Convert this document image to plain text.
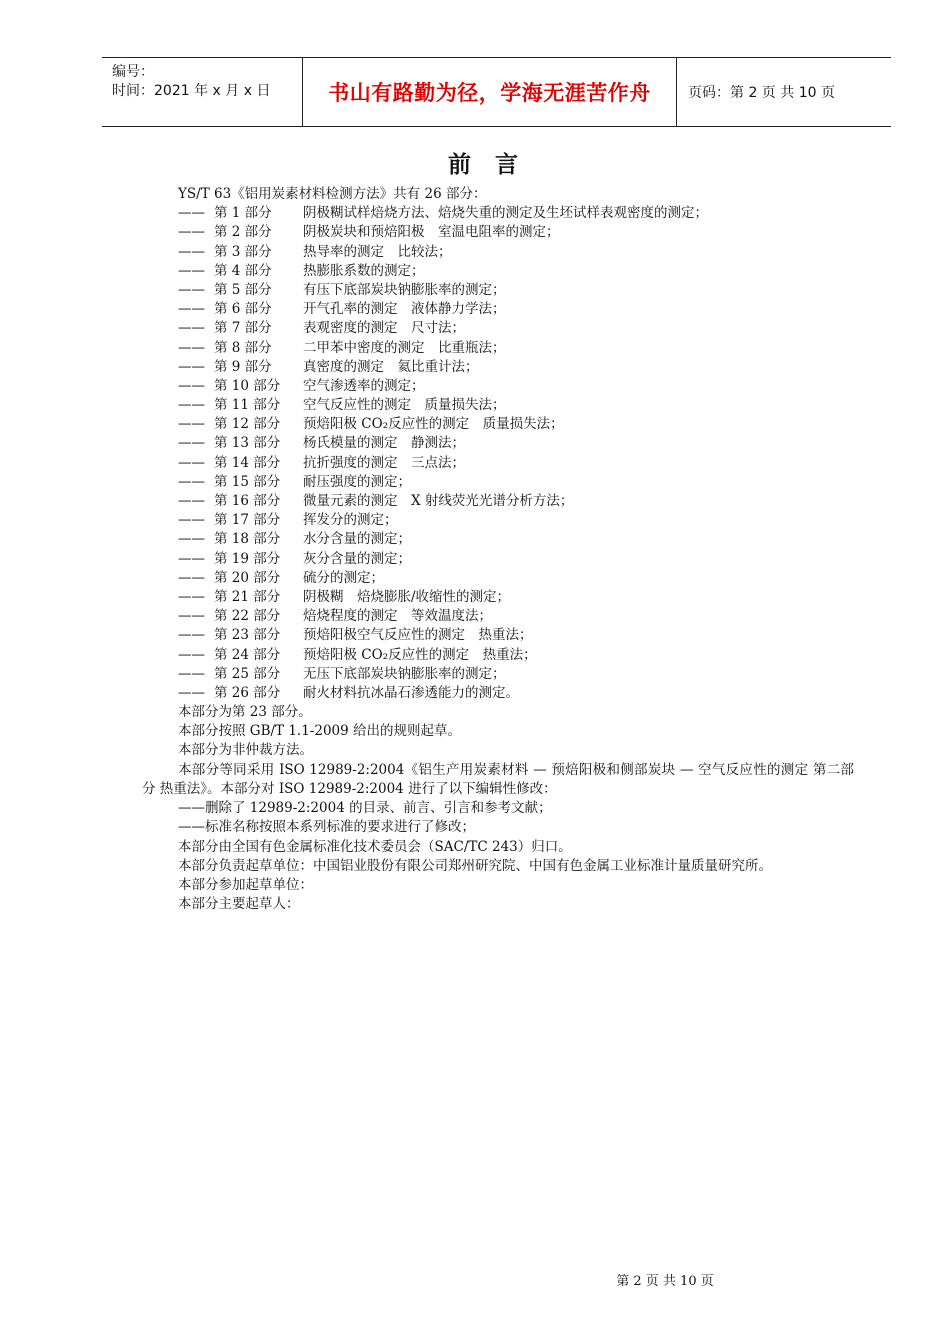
编号：
时间：2021 年 x 月 x 日	书山有路勤为径，学海无涯苦作舟	页码：第 2 页 共 10 页
前言

YS/T 63《铝用炭素材料检测方法》共有 26 部分：

—— 第 1 部分 阴极糊试样焙烧方法、焙烧失重的测定及生坯试样表观密度的测定；
—— 第 2 部分 阴极炭块和预焙阳极　室温电阻率的测定；
—— 第 3 部分 热导率的测定　比较法；
—— 第 4 部分 热膨胀系数的测定；
—— 第 5 部分 有压下底部炭块钠膨胀率的测定；
—— 第 6 部分 开气孔率的测定　液体静力学法；
—— 第 7 部分 表观密度的测定　尺寸法；
—— 第 8 部分 二甲苯中密度的测定　比重瓶法；
—— 第 9 部分 真密度的测定　氦比重计法；
—— 第 10 部分 空气渗透率的测定；
—— 第 11 部分 空气反应性的测定　质量损失法；
—— 第 12 部分 预焙阳极 CO₂反应性的测定　质量损失法；
—— 第 13 部分 杨氏模量的测定　静测法；
—— 第 14 部分 抗折强度的测定　三点法；
—— 第 15 部分 耐压强度的测定；
—— 第 16 部分 微量元素的测定　X 射线荧光光谱分析方法；
—— 第 17 部分 挥发分的测定；
—— 第 18 部分 水分含量的测定；
—— 第 19 部分 灰分含量的测定；
—— 第 20 部分 硫分的测定；
—— 第 21 部分 阴极糊　焙烧膨胀/收缩性的测定；
—— 第 22 部分 焙烧程度的测定　等效温度法；
—— 第 23 部分 预焙阳极空气反应性的测定　热重法；
—— 第 24 部分 预焙阳极 CO₂反应性的测定　热重法；
—— 第 25 部分 无压下底部炭块钠膨胀率的测定；
—— 第 26 部分 耐火材料抗冰晶石渗透能力的测定。

本部分为第 23 部分。

本部分按照 GB/T 1.1-2009 给出的规则起草。

本部分为非仲裁方法。

本部分等同采用 ISO 12989-2:2004《铝生产用炭素材料 — 预焙阳极和侧部炭块 — 空气反应性的测定 第二部分 热重法》。本部分对 ISO 12989-2:2004 进行了以下编辑性修改：

——删除了 12989-2:2004 的目录、前言、引言和参考文献；

——标准名称按照本系列标准的要求进行了修改；

本部分由全国有色金属标准化技术委员会（SAC/TC 243）归口。

本部分负责起草单位：中国铝业股份有限公司郑州研究院、中国有色金属工业标准计量质量研究所。

本部分参加起草单位：

本部分主要起草人：

第 2 页 共 10 页
